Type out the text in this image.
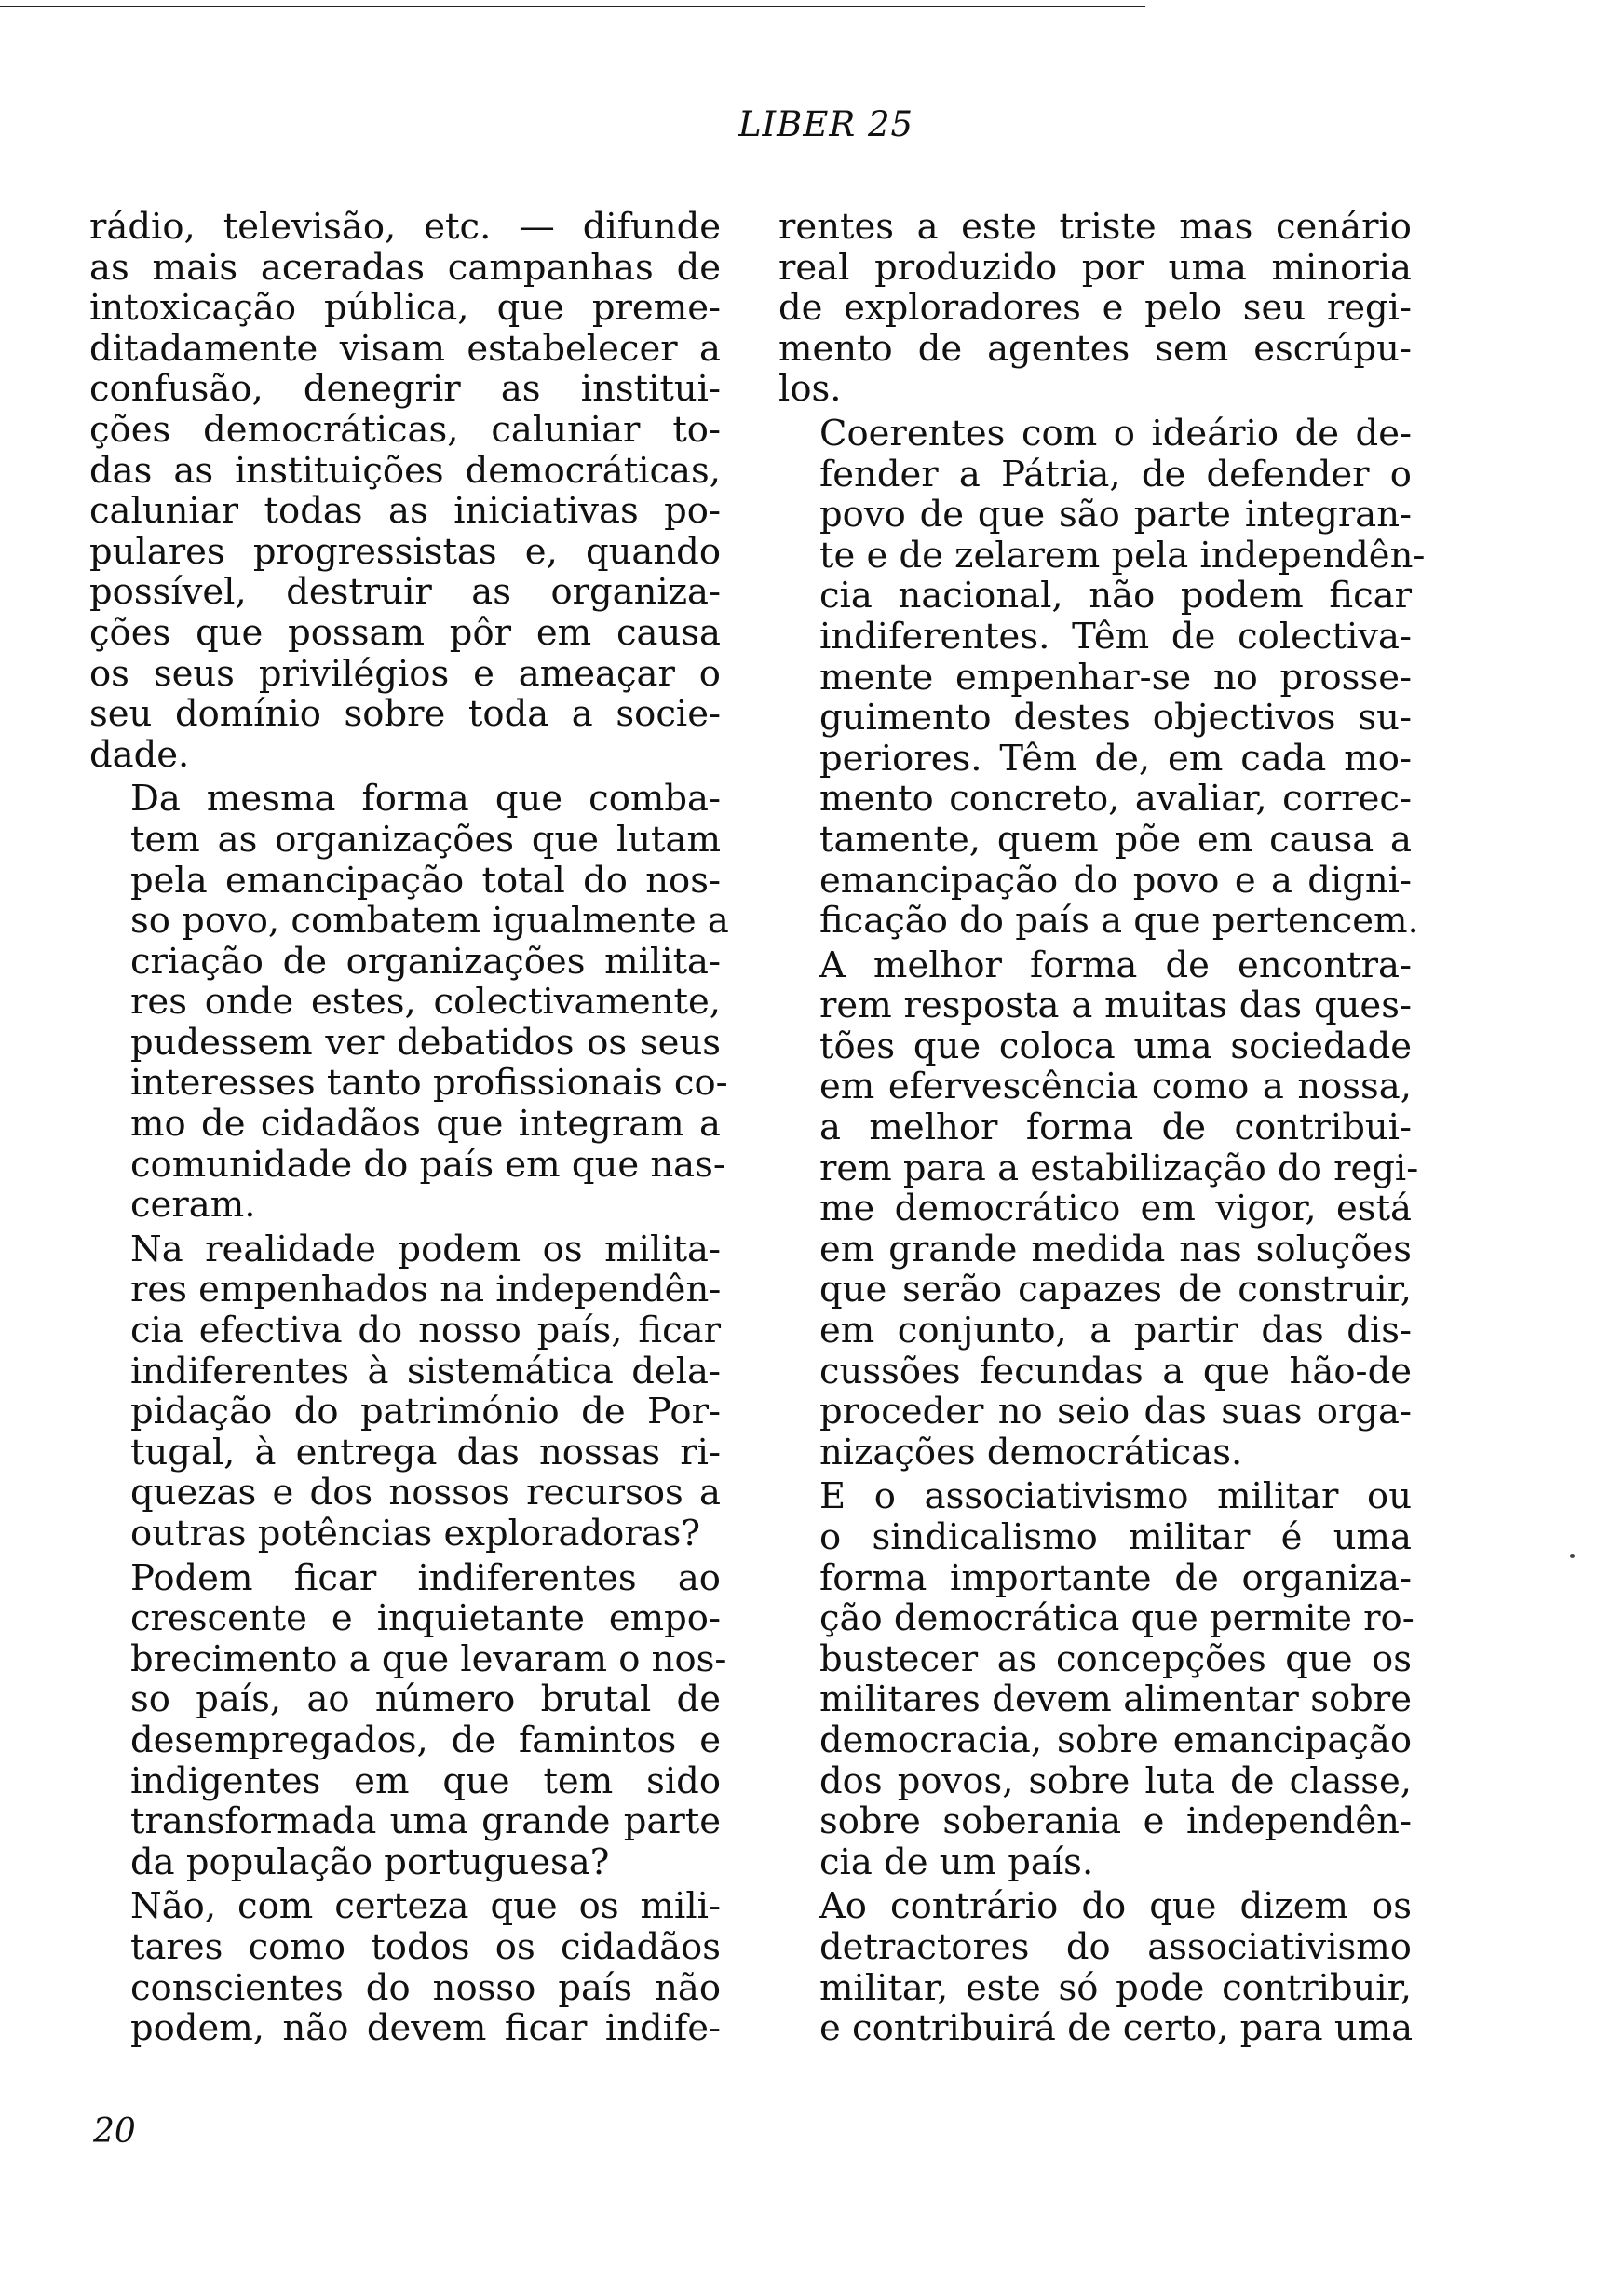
LIBER 25

rádio, televisão, etc. — difunde
as mais aceradas campanhas de
intoxicação pública, que preme-
ditadamente visam estabelecer a
confusão, denegrir as institui-
ções democráticas, caluniar to-
das as instituições democráticas,
caluniar todas as iniciativas po-
pulares progressistas e, quando
possível, destruir as organiza-
ções que possam pôr em causa
os seus privilégios e ameaçar o
seu domínio sobre toda a socie-
dade.

Da mesma forma que comba-
tem as organizações que lutam
pela emancipação total do nos-
so povo, combatem igualmente a
criação de organizações milita-
res onde estes, colectivamente,
pudessem ver debatidos os seus
interesses tanto profissionais co-
mo de cidadãos que integram a
comunidade do país em que nas-
ceram.

Na realidade podem os milita-
res empenhados na independên-
cia efectiva do nosso país, ficar
indiferentes à sistemática dela-
pidação do património de Por-
tugal, à entrega das nossas ri-
quezas e dos nossos recursos a
outras potências exploradoras?

Podem ficar indiferentes ao
crescente e inquietante empo-
brecimento a que levaram o nos-
so país, ao número brutal de
desempregados, de famintos e
indigentes em que tem sido
transformada uma grande parte
da população portuguesa?

Não, com certeza que os mili-
tares como todos os cidadãos
conscientes do nosso país não
podem, não devem ficar indife-

rentes a este triste mas cenário
real produzido por uma minoria
de exploradores e pelo seu regi-
mento de agentes sem escrúpu-
los.

Coerentes com o ideário de de-
fender a Pátria, de defender o
povo de que são parte integran-
te e de zelarem pela independên-
cia nacional, não podem ficar
indiferentes. Têm de colectiva-
mente empenhar-se no prosse-
guimento destes objectivos su-
periores. Têm de, em cada mo-
mento concreto, avaliar, correc-
tamente, quem põe em causa a
emancipação do povo e a digni-
ficação do país a que pertencem.

A melhor forma de encontra-
rem resposta a muitas das ques-
tões que coloca uma sociedade
em efervescência como a nossa,
a melhor forma de contribui-
rem para a estabilização do regi-
me democrático em vigor, está
em grande medida nas soluções
que serão capazes de construir,
em conjunto, a partir das dis-
cussões fecundas a que hão-de
proceder no seio das suas orga-
nizações democráticas.

E o associativismo militar ou
o sindicalismo militar é uma
forma importante de organiza-
ção democrática que permite ro-
bustecer as concepções que os
militares devem alimentar sobre
democracia, sobre emancipação
dos povos, sobre luta de classe,
sobre soberania e independên-
cia de um país.

Ao contrário do que dizem os
detractores do associativismo
militar, este só pode contribuir,
e contribuirá de certo, para uma

20
